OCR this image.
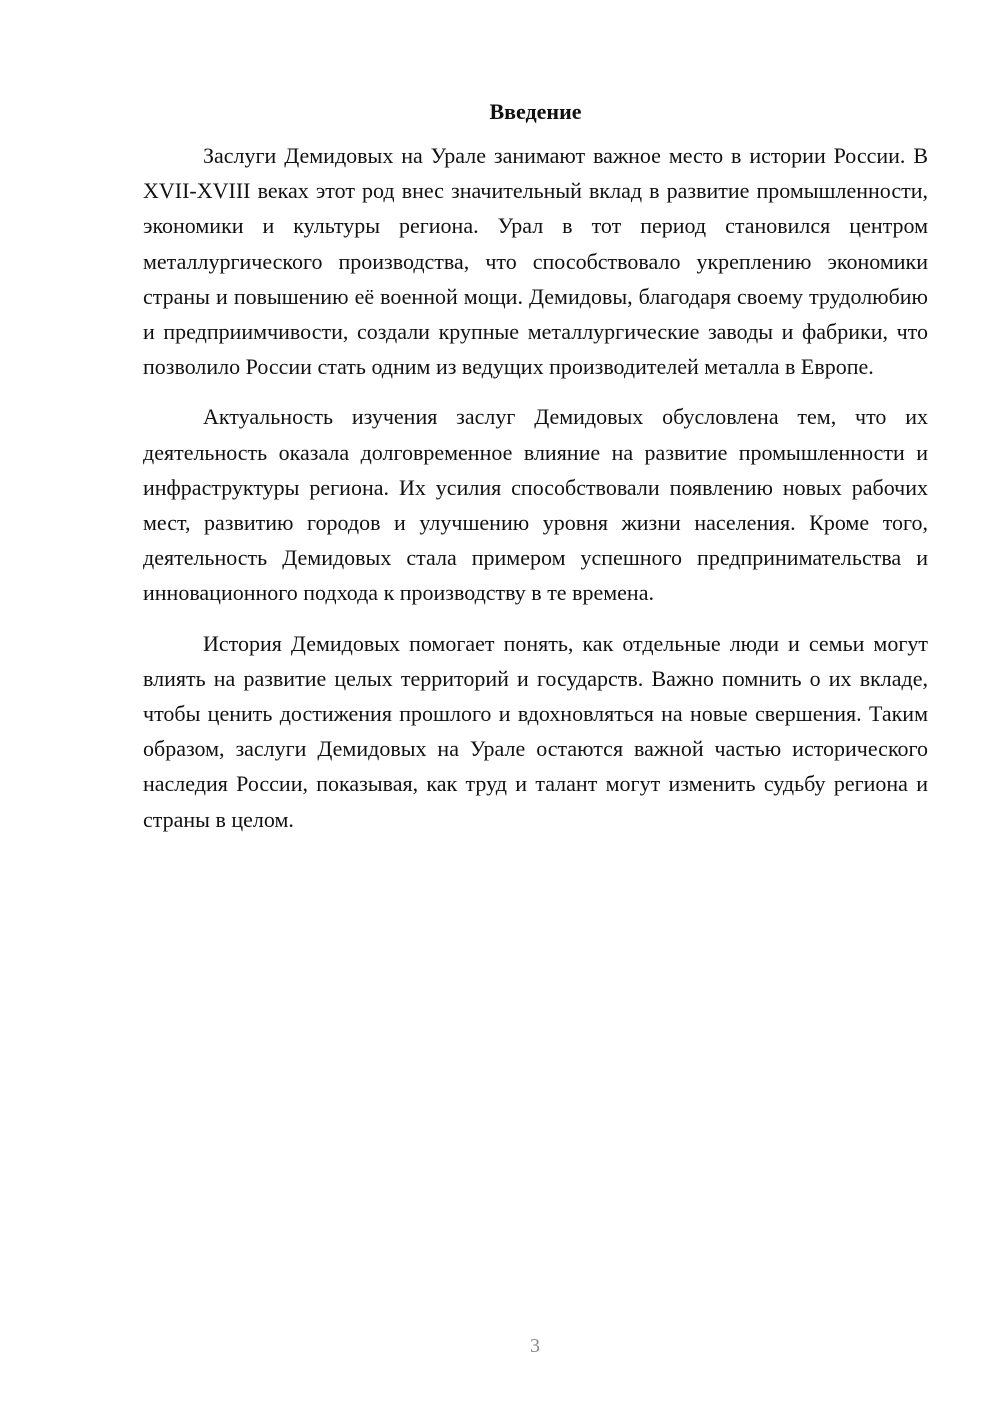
Введение

Заслуги Демидовых на Урале занимают важное место в истории России. В XVII-XVIII веках этот род внес значительный вклад в развитие промышленности, экономики и культуры региона. Урал в тот период становился центром металлургического производства, что способствовало укреплению экономики страны и повышению её военной мощи. Демидовы, благодаря своему трудолюбию и предприимчивости, создали крупные металлургические заводы и фабрики, что позволило России стать одним из ведущих производителей металла в Европе.

Актуальность изучения заслуг Демидовых обусловлена тем, что их деятельность оказала долговременное влияние на развитие промышленности и инфраструктуры региона. Их усилия способствовали появлению новых рабочих мест, развитию городов и улучшению уровня жизни населения. Кроме того, деятельность Демидовых стала примером успешного предпринимательства и инновационного подхода к производству в те времена.

История Демидовых помогает понять, как отдельные люди и семьи могут влиять на развитие целых территорий и государств. Важно помнить о их вкладе, чтобы ценить достижения прошлого и вдохновляться на новые свершения. Таким образом, заслуги Демидовых на Урале остаются важной частью исторического наследия России, показывая, как труд и талант могут изменить судьбу региона и страны в целом.

3
